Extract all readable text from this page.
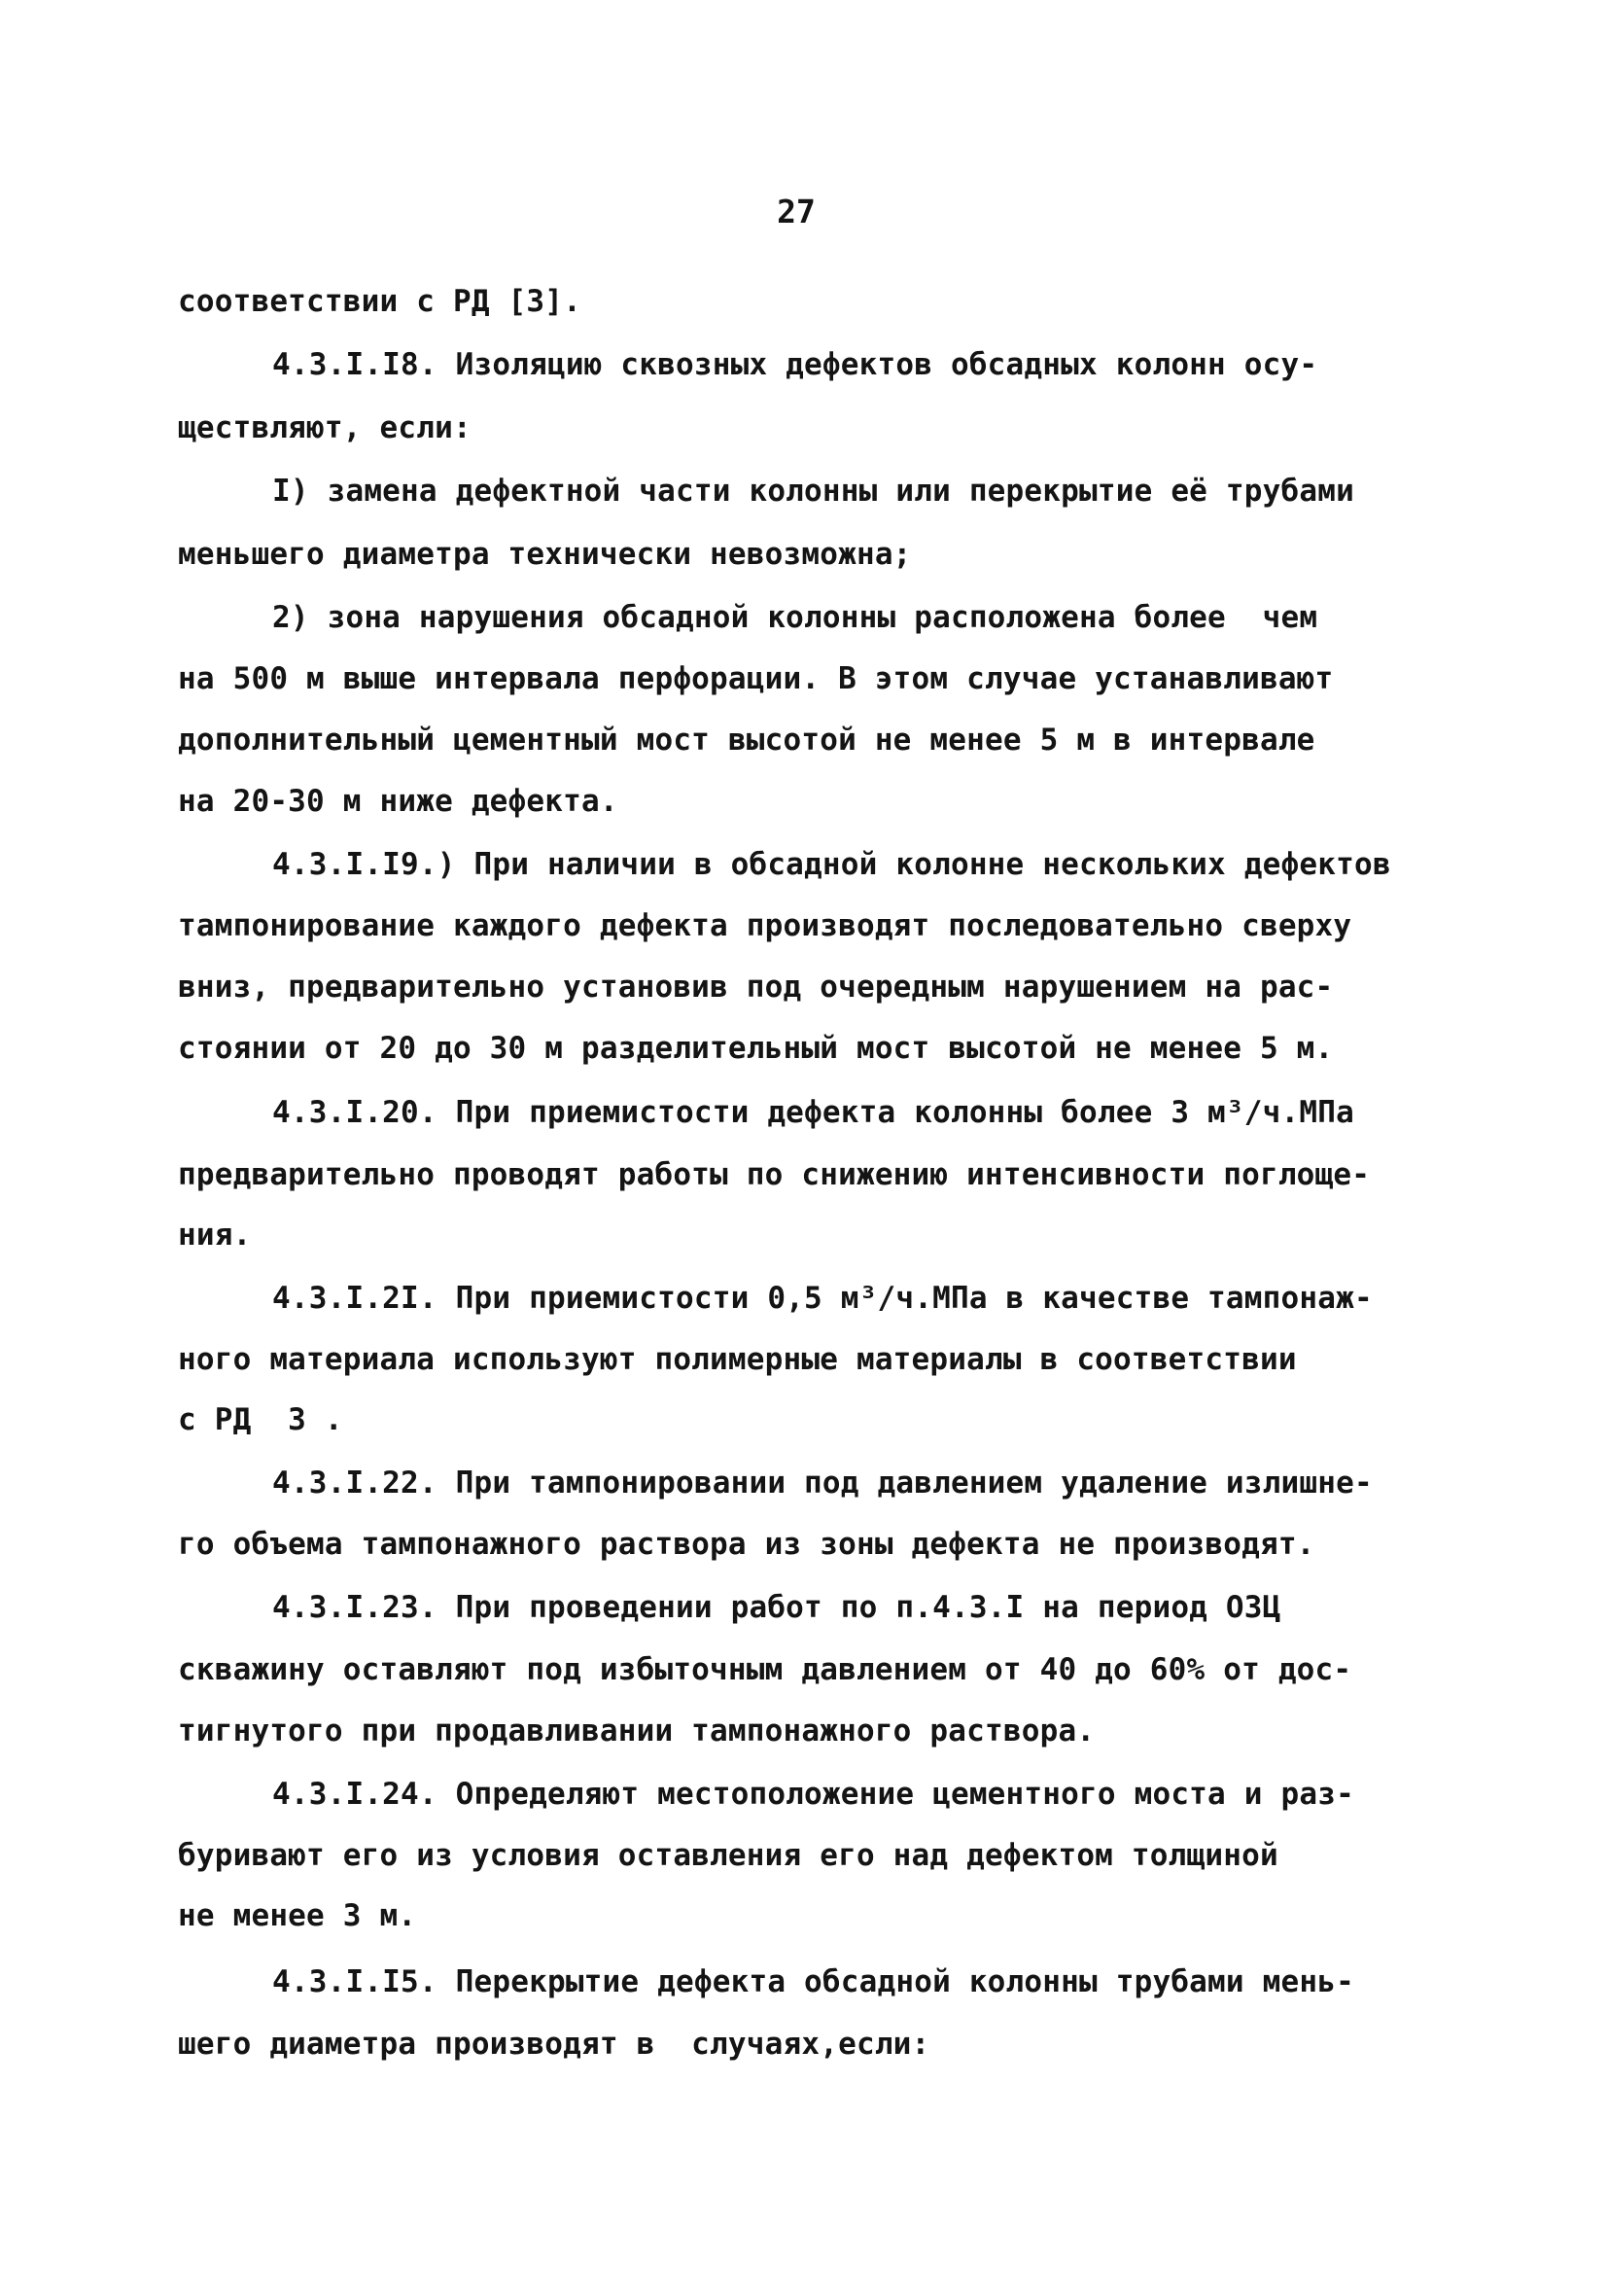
27
соответствии с РД [3].
4.3.I.I8. Изоляцию сквозных дефектов обсадных колонн осу-
ществляют, если:
I) замена дефектной части колонны или перекрытие её трубами
меньшего диаметра технически невозможна;
2) зона нарушения обсадной колонны расположена более  чем
на 500 м выше интервала перфорации. В этом случае устанавливают
дополнительный цементный мост высотой не менее 5 м в интервале
на 20-30 м ниже дефекта.
4.3.I.I9.) При наличии в обсадной колонне нескольких дефектов
тампонирование каждого дефекта производят последовательно сверху
вниз, предварительно установив под очередным нарушением на рас-
стоянии от 20 до 30 м разделительный мост высотой не менее 5 м.
4.3.I.20. При приемистости дефекта колонны более 3 м³/ч.МПа
предварительно проводят работы по снижению интенсивности поглоще-
ния.
4.3.I.2I. При приемистости 0,5 м³/ч.МПа в качестве тампонаж-
ного материала используют полимерные материалы в соответствии
с РД  3 .
4.3.I.22. При тампонировании под давлением удаление излишне-
го объема тампонажного раствора из зоны дефекта не производят.
4.3.I.23. При проведении работ по п.4.3.I на период ОЗЦ
скважину оставляют под избыточным давлением от 40 до 60% от дос-
тигнутого при продавливании тампонажного раствора.
4.3.I.24. Определяют местоположение цементного моста и раз-
буривают его из условия оставления его над дефектом толщиной
не менее 3 м.
4.3.I.I5. Перекрытие дефекта обсадной колонны трубами мень-
шего диаметра производят в  случаях,если:
